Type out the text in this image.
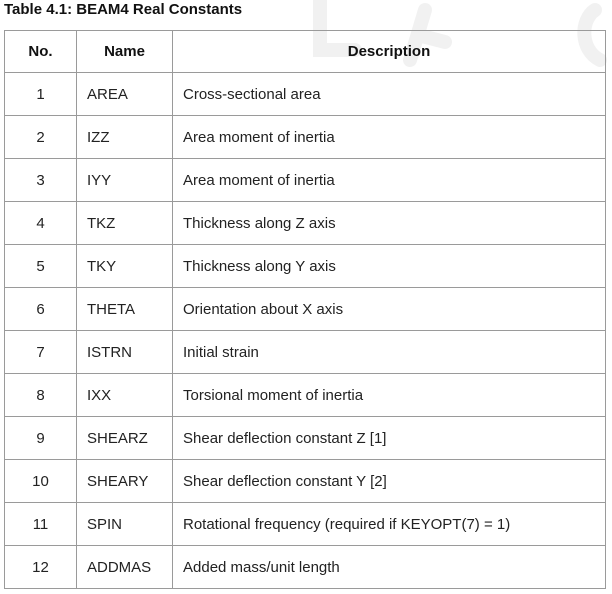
Table 4.1: BEAM4 Real Constants
No.	Name	Description
1	AREA	Cross-sectional area
2	IZZ	Area moment of inertia
3	IYY	Area moment of inertia
4	TKZ	Thickness along Z axis
5	TKY	Thickness along Y axis
6	THETA	Orientation about X axis
7	ISTRN	Initial strain
8	IXX	Torsional moment of inertia
9	SHEARZ	Shear deflection constant Z [1]
10	SHEARY	Shear deflection constant Y [2]
11	SPIN	Rotational frequency (required if KEYOPT(7) = 1)
12	ADDMAS	Added mass/unit length
